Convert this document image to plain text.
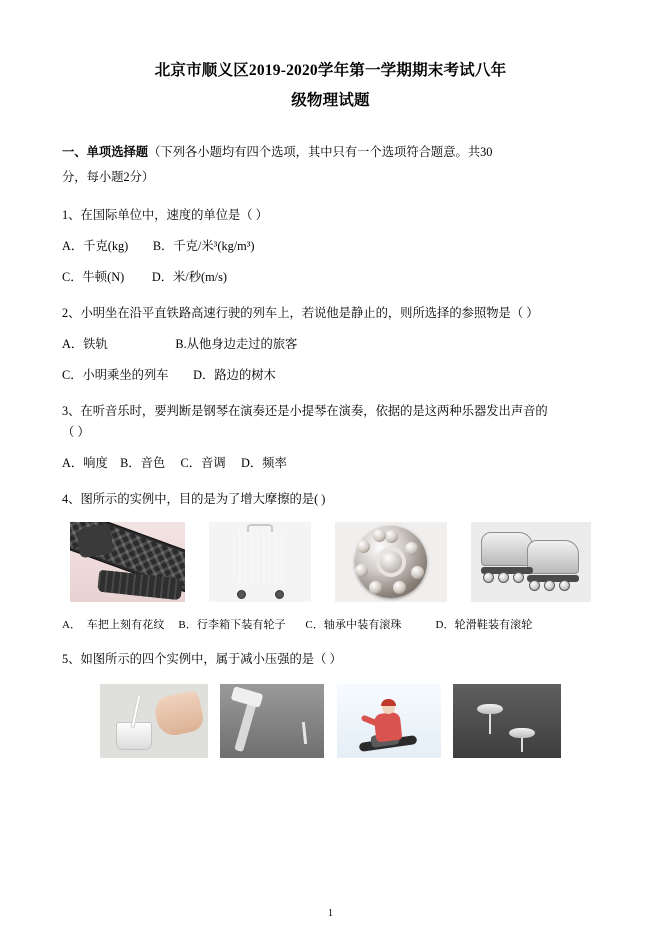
北京市顺义区2019-2020学年第一学期期末考试八年
级物理试题
一、单项选择题（下列各小题均有四个选项，其中只有一个选项符合题意。共30
分，每小题2分）
1、在国际单位中，速度的单位是（ ）
A．千克(kg)        B．千克/米³(kg/m³)
C．牛顿(N)         D．米/秒(m/s)
2、小明坐在沿平直铁路高速行驶的列车上，若说他是静止的，则所选择的参照物是（ ）
A．铁轨                      B.从他身边走过的旅客
C．小明乘坐的列车        D．路边的树木
3、在听音乐时，要判断是钢琴在演奏还是小提琴在演奏，依据的是这两种乐器发出声音的
（ ）
A．响度    B．音色     C．音调     D．频率
4、图所示的实例中，目的是为了增大摩擦的是( )
A．　车把上刻有花纹　 B．行李箱下装有轮子　   C．轴承中装有滚珠　        D．轮滑鞋装有滚轮
5、如图所示的四个实例中，属于减小压强的是（ ）
1
